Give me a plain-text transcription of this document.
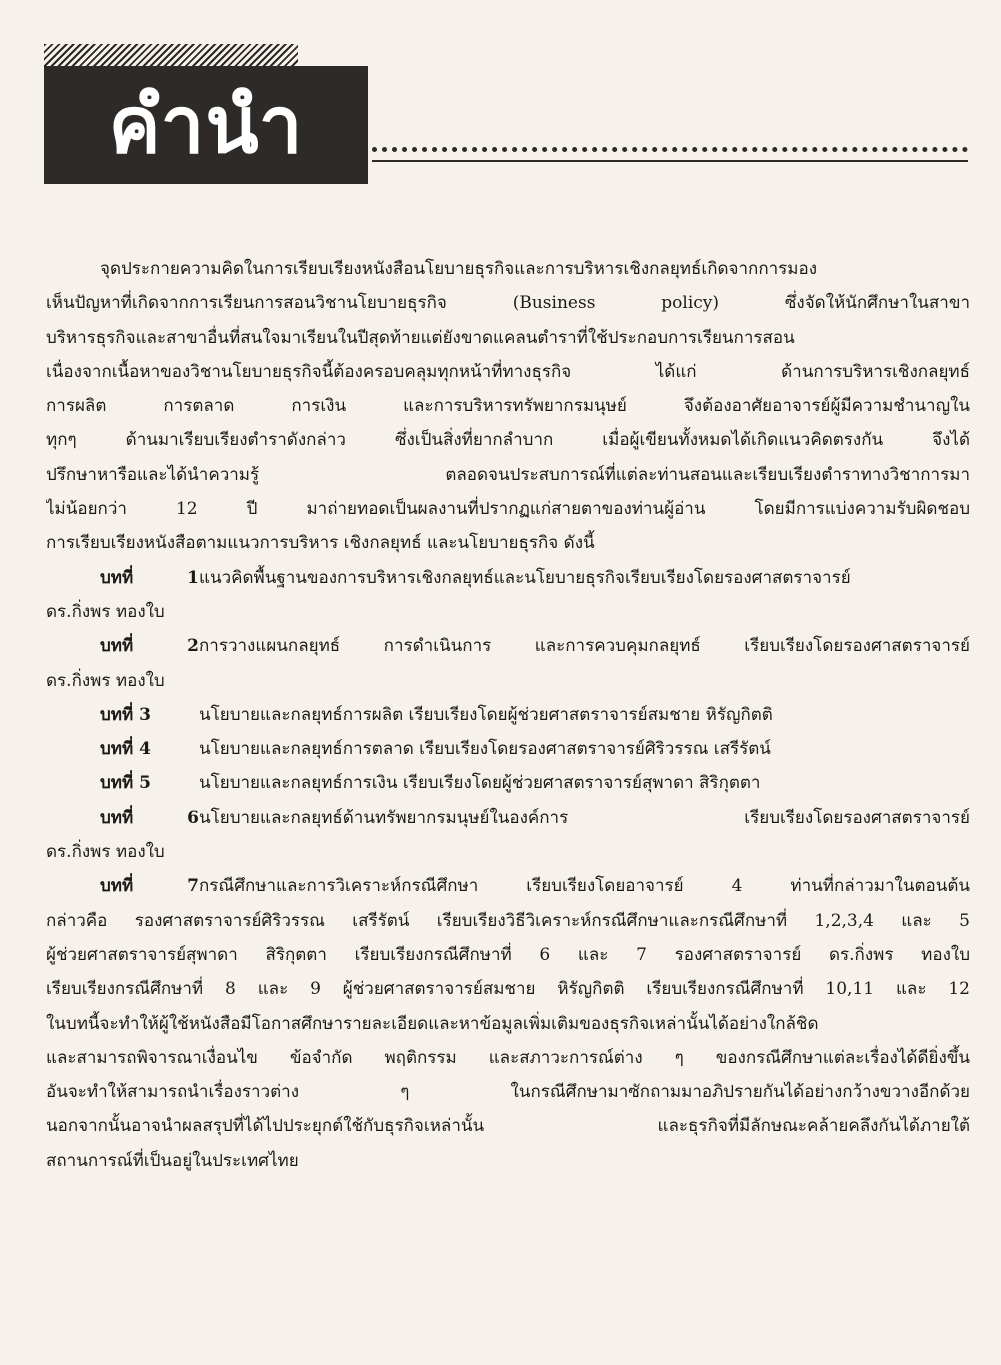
คำนำ
จุดประกายความคิดในการเรียบเรียงหนังสือนโยบายธุรกิจและการบริหารเชิงกลยุทธ์เกิดจากการมอง
เห็นปัญหาที่เกิดจากการเรียนการสอนวิชานโยบายธุรกิจ (Business policy) ซึ่งจัดให้นักศึกษาในสาขา
บริหารธุรกิจและสาขาอื่นที่สนใจมาเรียนในปีสุดท้ายแต่ยังขาดแคลนตำราที่ใช้ประกอบการเรียนการสอน
เนื่องจากเนื้อหาของวิชานโยบายธุรกิจนี้ต้องครอบคลุมทุกหน้าที่ทางธุรกิจ ได้แก่ ด้านการบริหารเชิงกลยุทธ์
การผลิต การตลาด การเงิน และการบริหารทรัพยากรมนุษย์ จึงต้องอาศัยอาจารย์ผู้มีความชำนาญใน
ทุกๆ ด้านมาเรียบเรียงตำราดังกล่าว ซึ่งเป็นสิ่งที่ยากลำบาก เมื่อผู้เขียนทั้งหมดได้เกิดแนวคิดตรงกัน จึงได้
ปรึกษาหารือและได้นำความรู้ ตลอดจนประสบการณ์ที่แต่ละท่านสอนและเรียบเรียงตำราทางวิชาการมา
ไม่น้อยกว่า 12 ปี มาถ่ายทอดเป็นผลงานที่ปรากฏแก่สายตาของท่านผู้อ่าน โดยมีการแบ่งความรับผิดชอบ
การเรียบเรียงหนังสือตามแนวการบริหาร เชิงกลยุทธ์ และนโยบายธุรกิจ ดังนี้
บทที่ 1แนวคิดพื้นฐานของการบริหารเชิงกลยุทธ์และนโยบายธุรกิจเรียบเรียงโดยรองศาสตราจารย์
ดร.กิ่งพร ทองใบ
บทที่ 2การวางแผนกลยุทธ์ การดำเนินการ และการควบคุมกลยุทธ์ เรียบเรียงโดยรองศาสตราจารย์
ดร.กิ่งพร ทองใบ
บทที่ 3	นโยบายและกลยุทธ์การผลิต เรียบเรียงโดยผู้ช่วยศาสตราจารย์สมชาย หิรัญกิตติ
บทที่ 4	นโยบายและกลยุทธ์การตลาด เรียบเรียงโดยรองศาสตราจารย์ศิริวรรณ เสรีรัตน์
บทที่ 5	นโยบายและกลยุทธ์การเงิน เรียบเรียงโดยผู้ช่วยศาสตราจารย์สุพาดา สิริกุตตา
บทที่ 6นโยบายและกลยุทธ์ด้านทรัพยากรมนุษย์ในองค์การ เรียบเรียงโดยรองศาสตราจารย์
ดร.กิ่งพร ทองใบ
บทที่ 7กรณีศึกษาและการวิเคราะห์กรณีศึกษา เรียบเรียงโดยอาจารย์ 4 ท่านที่กล่าวมาในตอนต้น
กล่าวคือ รองศาสตราจารย์ศิริวรรณ เสรีรัตน์ เรียบเรียงวิธีวิเคราะห์กรณีศึกษาและกรณีศึกษาที่ 1,2,3,4 และ 5
ผู้ช่วยศาสตราจารย์สุพาดา สิริกุตตา เรียบเรียงกรณีศึกษาที่ 6 และ 7 รองศาสตราจารย์ ดร.กิ่งพร ทองใบ
เรียบเรียงกรณีศึกษาที่ 8 และ 9 ผู้ช่วยศาสตราจารย์สมชาย หิรัญกิตติ เรียบเรียงกรณีศึกษาที่ 10,11 และ 12
ในบทนี้จะทำให้ผู้ใช้หนังสือมีโอกาสศึกษารายละเอียดและหาข้อมูลเพิ่มเติมของธุรกิจเหล่านั้นได้อย่างใกล้ชิด
และสามารถพิจารณาเงื่อนไข ข้อจำกัด พฤติกรรม และสภาวะการณ์ต่าง ๆ ของกรณีศึกษาแต่ละเรื่องได้ดียิ่งขึ้น
อันจะทำให้สามารถนำเรื่องราวต่าง ๆ ในกรณีศึกษามาซักถามมาอภิปรายกันได้อย่างกว้างขวางอีกด้วย
นอกจากนั้นอาจนำผลสรุปที่ได้ไปประยุกต์ใช้กับธุรกิจเหล่านั้น และธุรกิจที่มีลักษณะคล้ายคลึงกันได้ภายใต้
สถานการณ์ที่เป็นอยู่ในประเทศไทย
